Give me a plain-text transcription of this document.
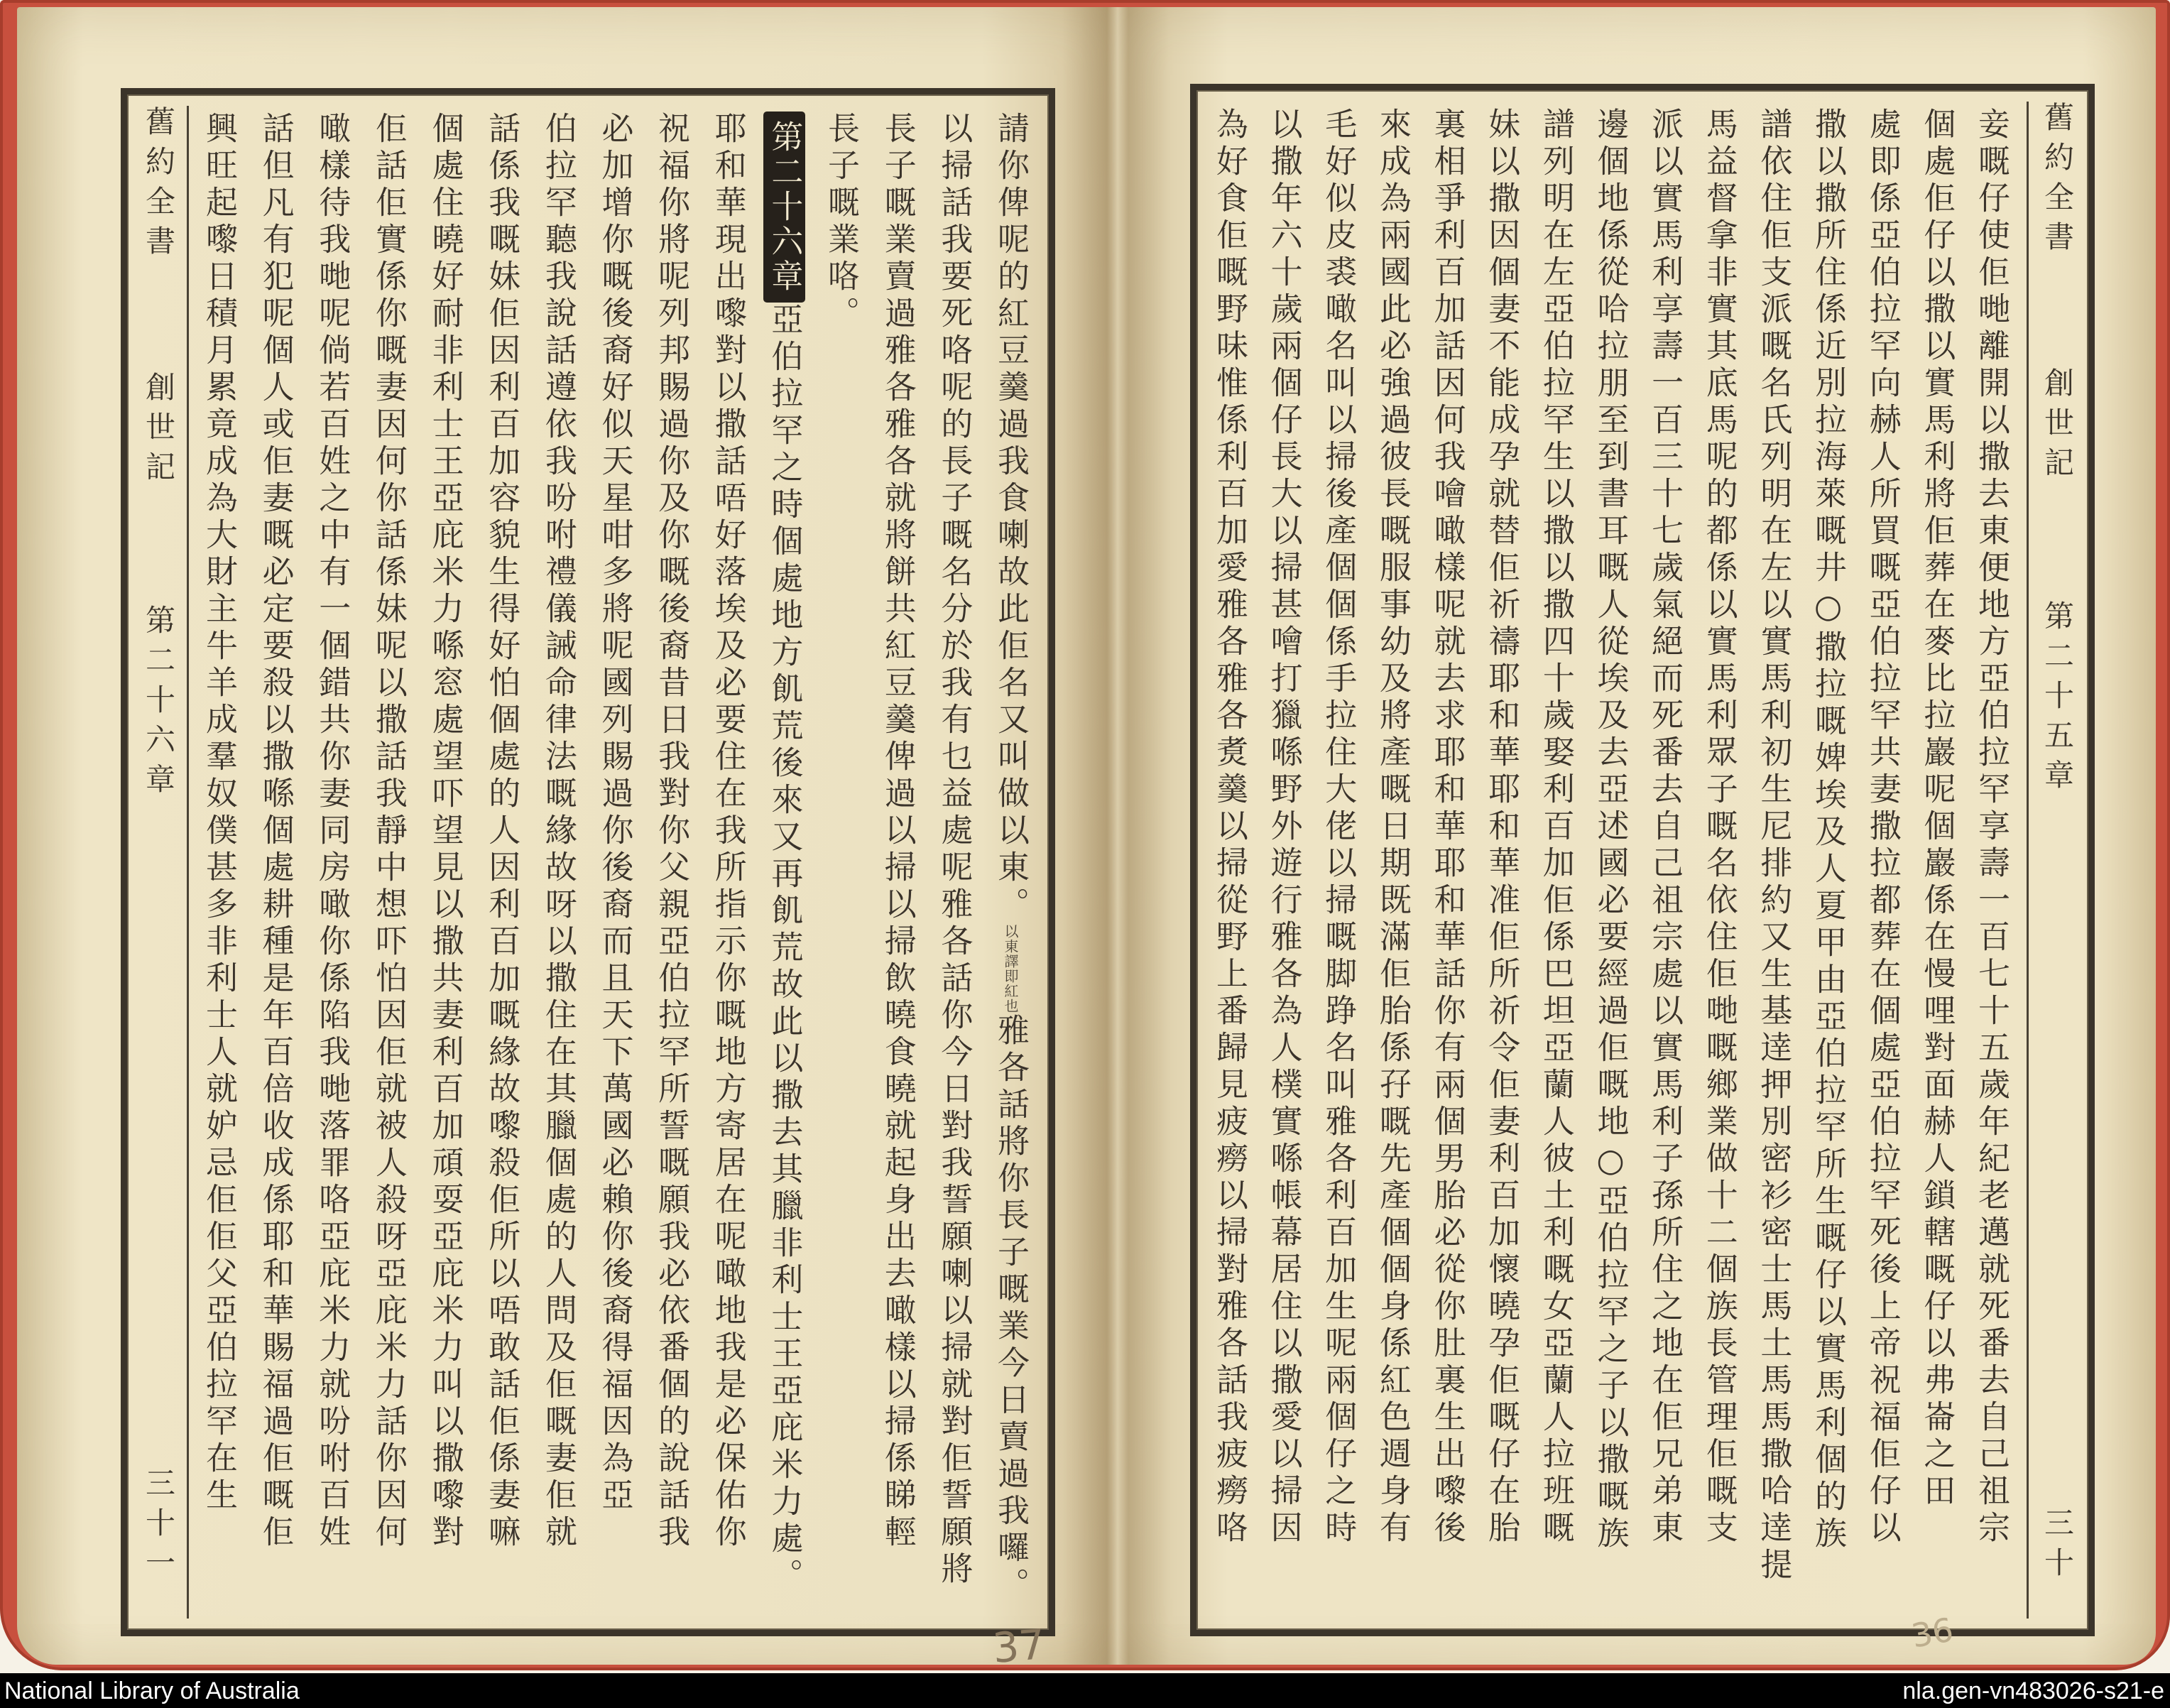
舊約全書
創世記
第二十六章
三十一
請你俾呢的紅豆羹過我食喇故此佢名又叫做以東。以東譯即紅也雅各話將你長子嘅業今日賣過我囉。
以掃話我要死咯呢的長子嘅名分於我有乜益處呢雅各話你今日對我誓願喇以掃就對佢誓願將
長子嘅業賣過雅各雅各就將餅共紅豆羹俾過以掃以掃飲曉食曉就起身出去噉樣以掃係睇輕
長子嘅業咯。
第二十六章亞伯拉罕之時個處地方飢荒後來又再飢荒故此以撒去其臘非利士王亞庇米力處。
耶和華現出嚟對以撒話唔好落埃及必要住在我所指示你嘅地方寄居在呢噉地我是必保佑你
祝福你將呢列邦賜過你及你嘅後裔昔日我對你父親亞伯拉罕所誓嘅願我必依番個的說話我
必加增你嘅後裔好似天星咁多將呢國列賜過你後裔而且天下萬國必賴你後裔得福因為亞
伯拉罕聽我說話遵依我吩咐禮儀誡命律法嘅緣故呀以撒住在其臘個處的人問及佢嘅妻佢就
話係我嘅妹佢因利百加容貌生得好怕個處的人因利百加嘅緣故嚟殺佢所以唔敢話佢係妻嘛
個處住曉好耐非利士王亞庇米力喺窓處望吓望見以撒共妻利百加頑耍亞庇米力叫以撒嚟對
佢話佢實係你嘅妻因何你話係妹呢以撒話我靜中想吓怕因佢就被人殺呀亞庇米力話你因何
噉樣待我哋呢倘若百姓之中有一個錯共你妻同房噉你係陷我哋落罪咯亞庇米力就吩咐百姓
話但凡有犯呢個人或佢妻嘅必定要殺以撒喺個處耕種是年百倍收成係耶和華賜福過佢嘅佢
興旺起嚟日積月累竟成為大財主牛羊成羣奴僕甚多非利士人就妒忌佢佢父亞伯拉罕在生	妾嘅仔使佢哋離開以撒去東便地方亞伯拉罕享壽一百七十五歲年紀老邁就死番去自己祖宗
個處佢仔以撒以實馬利將佢葬在麥比拉巖呢個巖係在慢哩對面赫人鎖轄嘅仔以弗崙之田
處即係亞伯拉罕向赫人所買嘅亞伯拉罕共妻撒拉都葬在個處亞伯拉罕死後上帝祝福佢仔以
撒以撒所住係近別拉海萊嘅井○撒拉嘅婢埃及人夏甲由亞伯拉罕所生嘅仔以實馬利個的族
譜依住佢支派嘅名氏列明在左以實馬利初生尼排約又生基逹押別密衫密士馬土馬馬撒哈逹提
馬益督拿非實其底馬呢的都係以實馬利眾子嘅名依住佢哋嘅鄉業做十二個族長管理佢嘅支
派以實馬利享壽一百三十七歲氣絕而死番去自己祖宗處以實馬利子孫所住之地在佢兄弟東
邊個地係從哈拉朋至到書耳嘅人從埃及去亞述國必要經過佢嘅地○亞伯拉罕之子以撒嘅族
譜列明在左亞伯拉罕生以撒以撒四十歲娶利百加佢係巴坦亞蘭人彼土利嘅女亞蘭人拉班嘅
妹以撒因個妻不能成孕就替佢祈禱耶和華耶和華准佢所祈令佢妻利百加懷曉孕佢嘅仔在胎
裏相爭利百加話因何我噲噉樣呢就去求耶和華耶和華話你有兩個男胎必從你肚裏生出嚟後
來成為兩國此必強過彼長嘅服事幼及將產嘅日期既滿佢胎係孖嘅先產個個身係紅色週身有
毛好似皮裘噉名叫以掃後產個個係手拉住大佬以掃嘅脚踭名叫雅各利百加生呢兩個仔之時
以撒年六十歲兩個仔長大以掃甚噲打獵喺野外遊行雅各為人樸實喺帳幕居住以撒愛以掃因
為好食佢嘅野味惟係利百加愛雅各雅各煑羹以掃從野上番歸見疲癆以掃對雅各話我疲癆咯	舊約全書
創世記
第二十五章
三十
37	36
National Library of Australia	nla.gen-vn483026-s21-e
